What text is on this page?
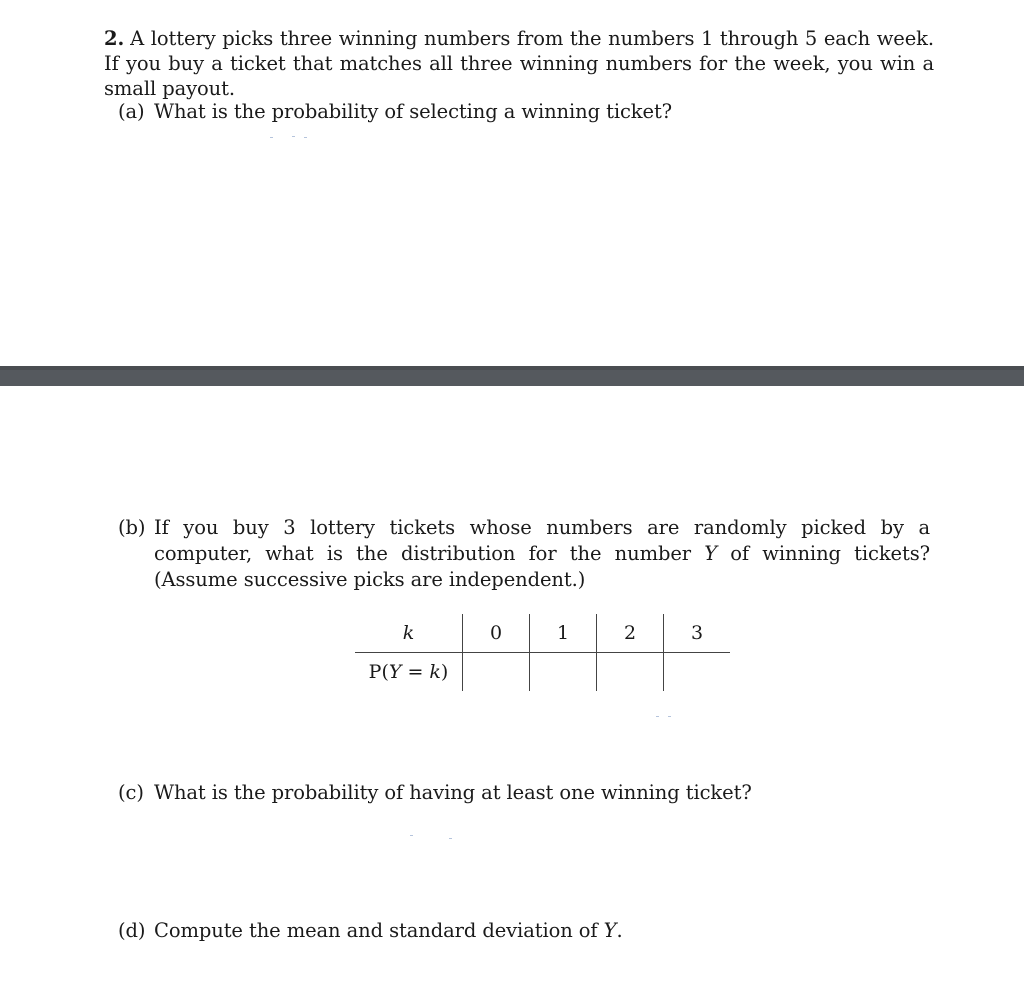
2. A lottery picks three winning numbers from the numbers 1 through 5 each week. If you buy a ticket that matches all three winning numbers for the week, you win a small payout.
(a) What is the probability of selecting a winning ticket?
(b) If you buy 3 lottery tickets whose numbers are randomly picked by a computer, what is the distribution for the number Y of winning tickets? (Assume successive picks are independent.)
k	0	1	2	3
P(Y = k)				
(c) What is the probability of having at least one winning ticket?
(d) Compute the mean and standard deviation of Y.
